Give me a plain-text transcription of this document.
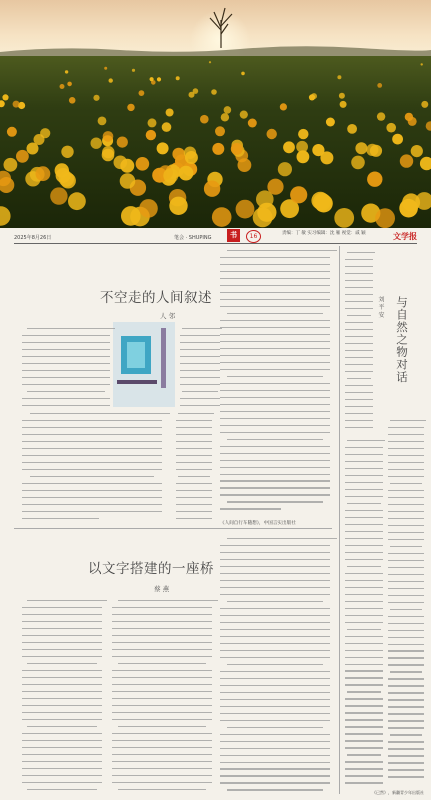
2025年8月26日	笔会 · SHUPING	书	16	责编：丁 敏 实习编辑：沈 雁 视觉：戚 颖	文学报
不空走的人间叙述
人 邻
《人间自行车随想》，中国言实出版社
以文字搭建的一座桥
蔡 燕
与自然之物对话
刘 平 安
《已然》，新疆青少年出版社
